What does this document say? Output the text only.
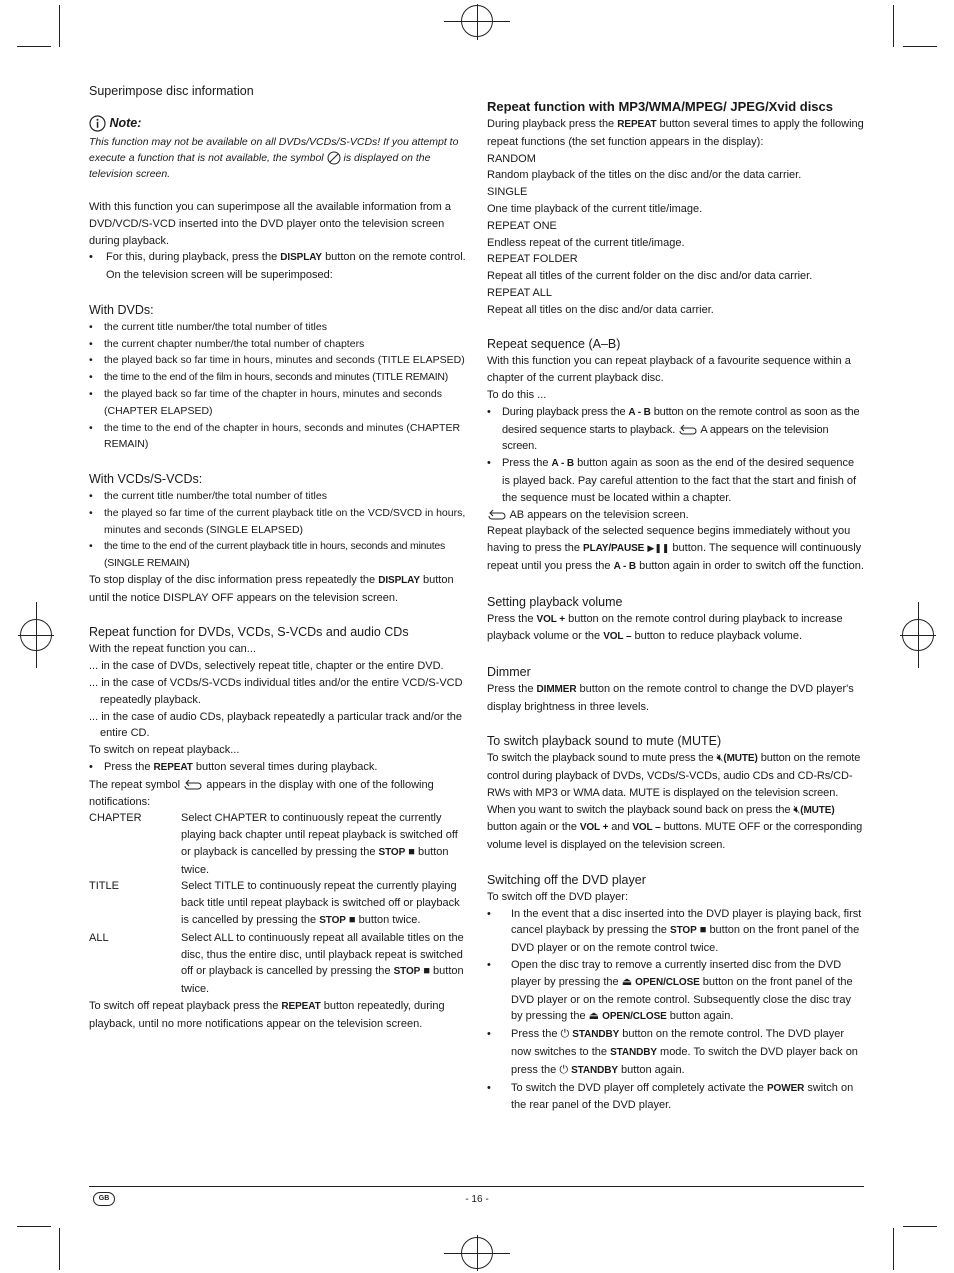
Superimpose disc information

Note:

This function may not be available on all DVDs/VCDs/S-VCDs! If you attempt to execute a function that is not available, the symbol is displayed on the television screen.

With this function you can superimpose all the available information from a DVD/VCD/S-VCD inserted into the DVD player onto the television screen during playback.

•	For this, during playback, press the DISPLAY button on the remote control. On the television screen will be superimposed:

With DVDs:

•	the current title number/the total number of titles
•	the current chapter number/the total number of chapters
•	the played back so far time in hours, minutes and seconds (TITLE ELAPSED)
•	the time to the end of the film in hours, seconds and minutes (TITLE REMAIN)
•	the played back so far time of the chapter in hours, minutes and seconds (CHAPTER ELAPSED)
•	the time to the end of the chapter in hours, seconds and minutes (CHAPTER REMAIN)

With VCDs/S-VCDs:

•	the current title number/the total number of titles
•	the played so far time of the current playback title on the VCD/SVCD in hours, minutes and seconds (SINGLE ELAPSED)
•	the time to the end of the current playback title in hours, seconds and minutes (SINGLE REMAIN)

To stop display of the disc information press repeatedly the DISPLAY button until the notice DISPLAY OFF appears on the television screen.

Repeat function for DVDs, VCDs, S-VCDs and audio CDs

With the repeat function you can...

... in the case of DVDs, selectively repeat title, chapter or the entire DVD.

... in the case of VCDs/S-VCDs individual titles and/or the entire VCD/S-VCD repeatedly playback.

... in the case of audio CDs, playback repeatedly a particular track and/or the entire CD.

To switch on repeat playback...

•	Press the REPEAT button several times during playback.

The repeat symbol appears in the display with one of the following notifications:

CHAPTER	Select CHAPTER to continuously repeat the currently playing back chapter until repeat playback is switched off or playback is cancelled by pressing the STOP ■ button twice.
TITLE	Select TITLE to continuously repeat the currently playing back title until repeat playback is switched off or playback is cancelled by pressing the STOP ■ button twice.
ALL	Select ALL to continuously repeat all available titles on the disc, thus the entire disc, until playback repeat is switched off or playback is cancelled by pressing the STOP ■ button twice.

To switch off repeat playback press the REPEAT button repeatedly, during playback, until no more notifications appear on the television screen.

Repeat function with MP3/WMA/MPEG/ JPEG/Xvid discs

During playback press the REPEAT button several times to apply the following repeat functions (the set function appears in the display):

RANDOM

Random playback of the titles on the disc and/or the data carrier.

SINGLE

One time playback of the current title/image.

REPEAT ONE

Endless repeat of the current title/image.

REPEAT FOLDER

Repeat all titles of the current folder on the disc and/or data carrier.

REPEAT ALL

Repeat all titles on the disc and/or data carrier.

Repeat sequence (A–B)

With this function you can repeat playback of a favourite sequence within a chapter of the current playback disc.

To do this ...

•	During playback press the A - B button on the remote control as soon as the desired sequence starts to playback. A appears on the television screen.
•	Press the A - B button again as soon as the end of the desired sequence is played back. Pay careful attention to the fact that the start and finish of the sequence must be located within a chapter.

AB appears on the television screen.

Repeat playback of the selected sequence begins immediately without you having to press the PLAY/PAUSE ▶❚❚ button. The sequence will continuously repeat until you press the A - B button again in order to switch off the function.

Setting playback volume

Press the VOL + button on the remote control during playback to increase playback volume or the VOL – button to reduce playback volume.

Dimmer

Press the DIMMER button on the remote control to change the DVD player's display brightness in three levels.

To switch playback sound to mute (MUTE)

To switch the playback sound to mute press the 🔇︎(MUTE) button on the remote control during playback of DVDs, VCDs/S-VCDs, audio CDs and CD-Rs/CD-RWs with MP3 or WMA data. MUTE is displayed on the television screen.

When you want to switch the playback sound back on press the 🔇︎(MUTE) button again or the VOL + and VOL – buttons. MUTE OFF or the corresponding volume level is displayed on the television screen.

Switching off the DVD player

To switch off the DVD player:

•	In the event that a disc inserted into the DVD player is playing back, first cancel playback by pressing the STOP ■ button on the front panel of the DVD player or on the remote control twice.
•	Open the disc tray to remove a currently inserted disc from the DVD player by pressing the ⏏ OPEN/CLOSE button on the front panel of the DVD player or on the remote control. Subsequently close the disc tray by pressing the ⏏ OPEN/CLOSE button again.
•	Press the ⏻ STANDBY button on the remote control. The DVD player now switches to the STANDBY mode. To switch the DVD player back on press the ⏻ STANDBY button again.
•	To switch the DVD player off completely activate the POWER switch on the rear panel of the DVD player.
GB	- 16 -
